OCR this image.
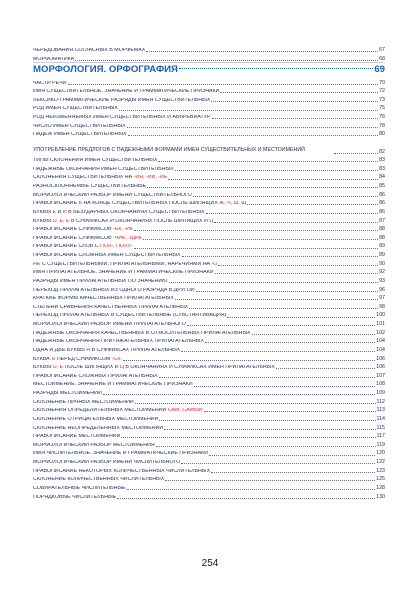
ЧЕРЕДОВАНИЯ СОГЛАСНЫХ В МОРФЕМАХ	67
МОРФОМАТИКА	68
МОРФОЛОГИЯ. ОРФОГРАФИЯ	69
ЧАСТИ РЕЧИ	70
ИМЯ СУЩЕСТВИТЕЛЬНОЕ. ЗНАЧЕНИЕ И ГРАММАТИЧЕСКИЕ ПРИЗНАКИ	72
ЛЕКСИКО-ГРАММАТИЧЕСКИЕ РАЗРЯДЫ ИМЕН СУЩЕСТВИТЕЛЬНЫХ	73
РОД ИМЕН СУЩЕСТВИТЕЛЬНЫХ	75
РОД НЕИЗМЕНЯЕМЫХ ИМЕН СУЩЕСТВИТЕЛЬНЫХ И АББРЕВИАТУР	76
ЧИСЛО ИМЕН СУЩЕСТВИТЕЛЬНЫХ	78
ПАДЕЖ ИМЕН СУЩЕСТВИТЕЛЬНЫХ	80
УПОТРЕБЛЕНИЕ ПРЕДЛОГОВ С ПАДЕЖНЫМИ ФОРМАМИ ИМЕН СУЩЕСТВИТЕЛЬНЫХ И МЕСТОИМЕНИЙ	82
ТИПЫ СКЛОНЕНИЯ ИМЕН СУЩЕСТВИТЕЛЬНЫХ	83
ПАДЕЖНЫЕ ОКОНЧАНИЯ ИМЕН СУЩЕСТВИТЕЛЬНЫХ	83
СКЛОНЕНИЯ СУЩЕСТВИТЕЛЬНЫХ НА -ИЯ, -ИЙ, -ИЕ	84
РАЗНОСКЛОНЯЕМЫЕ СУЩЕСТВИТЕЛЬНЫЕ	85
МОРФОЛОГИЧЕСКИЙ РАЗБОР ИМЕНИ СУЩЕСТВИТЕЛЬНОГО	86
ПРАВОПИСАНИЕ Ь НА КОНЦЕ СУЩЕСТВИТЕЛЬНЫХ ПОСЛЕ ШИПЯЩИХ Ж, Ч, Ш, Щ	86
БУКВЫ Е И И В БЕЗУДАРНЫХ ОКОНЧАНИЯХ СУЩЕСТВИТЕЛЬНЫХ	86
БУКВЫ О, Е, Ё В СУФФИКСАХ И ОКОНЧАНИЯХ ПОСЛЕ ШИПЯЩИХ И Ц	87
ПРАВОПИСАНИЕ СУФФИКСОВ -ЕК, -ИК	88
ПРАВОПИСАНИЕ СУФФИКСОВ -ЧИК, -ЩИК	88
ПРАВОПИСАНИЕ СЛОВ С ПОЛ-, ПОЛУ-	89
ПРАВОПИСАНИЕ СЛОЖНЫХ ИМЕН СУЩЕСТВИТЕЛЬНЫХ	89
НЕ С СУЩЕСТВИТЕЛЬНЫМИ, ПРИЛАГАТЕЛЬНЫМИ, НАРЕЧИЯМИ НА -О	90
ИМЯ ПРИЛАГАТЕЛЬНОЕ. ЗНАЧЕНИЕ И ГРАММАТИЧЕСКИЕ ПРИЗНАКИ	92
РАЗРЯДЫ ИМЕН ПРИЛАГАТЕЛЬНЫХ ПО ЗНАЧЕНИЮ	93
ПЕРЕХОД ПРИЛАГАТЕЛЬНЫХ ИЗ ОДНОГО РАЗРЯДА В ДРУГОЙ	96
КРАТКИЕ ФОРМЫ КАЧЕСТВЕННЫХ ПРИЛАГАТЕЛЬНЫХ	97
СТЕПЕНИ СРАВНЕНИЯ КАЧЕСТВЕННЫХ ПРИЛАГАТЕЛЬНЫХ	98
ПЕРЕХОД ПРИЛАГАТЕЛЬНЫХ В СУЩЕСТВИТЕЛЬНЫЕ (СУБСТАНТИВАЦИЯ)	100
МОРФОЛОГИЧЕСКИЙ РАЗБОР ИМЕНИ ПРИЛАГАТЕЛЬНОГО	101
ПАДЕЖНЫЕ ОКОНЧАНИЯ КАЧЕСТВЕННЫХ И ОТНОСИТЕЛЬНЫХ ПРИЛАГАТЕЛЬНЫХ	102
ПАДЕЖНЫЕ ОКОНЧАНИЯ ПРИТЯЖАТЕЛЬНЫХ ПРИЛАГАТЕЛЬНЫХ	104
ОДНА И ДВЕ БУКВЫ Н В СУФФИКСАХ ПРИЛАГАТЕЛЬНЫХ	104
БУКВА Ъ ПЕРЕД СУФФИКСОМ -СК-	106
БУКВЫ О, Е ПОСЛЕ ШИПЯЩИХ И Ц В ОКОНЧАНИЯХ И СУФФИКСАХ ИМЕН ПРИЛАГАТЕЛЬНЫХ	106
ПРАВОПИСАНИЕ СЛОЖНЫХ ПРИЛАГАТЕЛЬНЫХ	107
МЕСТОИМЕНИЕ. ЗНАЧЕНИЕ И ГРАММАТИЧЕСКИЕ ПРИЗНАКИ	108
РАЗРЯДЫ МЕСТОИМЕНИЙ	109
СКЛОНЕНИЕ ЛИЧНЫХ МЕСТОИМЕНИЙ	112
СКЛОНЕНИЯ ОПРЕДЕЛИТЕЛЬНЫХ МЕСТОИМЕНИЙ САМ, САМЫЙ	113
СКЛОНЕНИЕ ОТРИЦАТЕЛЬНЫХ МЕСТОИМЕНИЙ	114
СКЛОНЕНИЕ НЕОПРЕДЕЛЕННЫХ МЕСТОИМЕНИЙ	115
ПРАВОПИСАНИЕ МЕСТОИМЕНИЙ	117
МОРФОЛОГИЧЕСКИЙ РАЗБОР МЕСТОИМЕНИЯ	119
ИМЯ ЧИСЛИТЕЛЬНОЕ. ЗНАЧЕНИЕ И ГРАММАТИЧЕСКИЕ ПРИЗНАКИ	120
МОРФОЛОГИЧЕСКИЙ РАЗБОР ИМЕНИ ЧИСЛИТЕЛЬНОГО	122
ПРАВОПИСАНИЕ НЕКОТОРЫХ КОЛИЧЕСТВЕННЫХ ЧИСЛИТЕЛЬНЫХ	123
СКЛОНЕНИЕ КОЛИЧЕСТВЕННЫХ ЧИСЛИТЕЛЬНЫХ	125
СОБИРАТЕЛЬНЫЕ ЧИСЛИТЕЛЬНЫЕ	128
ПОРЯДКОВЫЕ ЧИСЛИТЕЛЬНЫЕ	130
254
